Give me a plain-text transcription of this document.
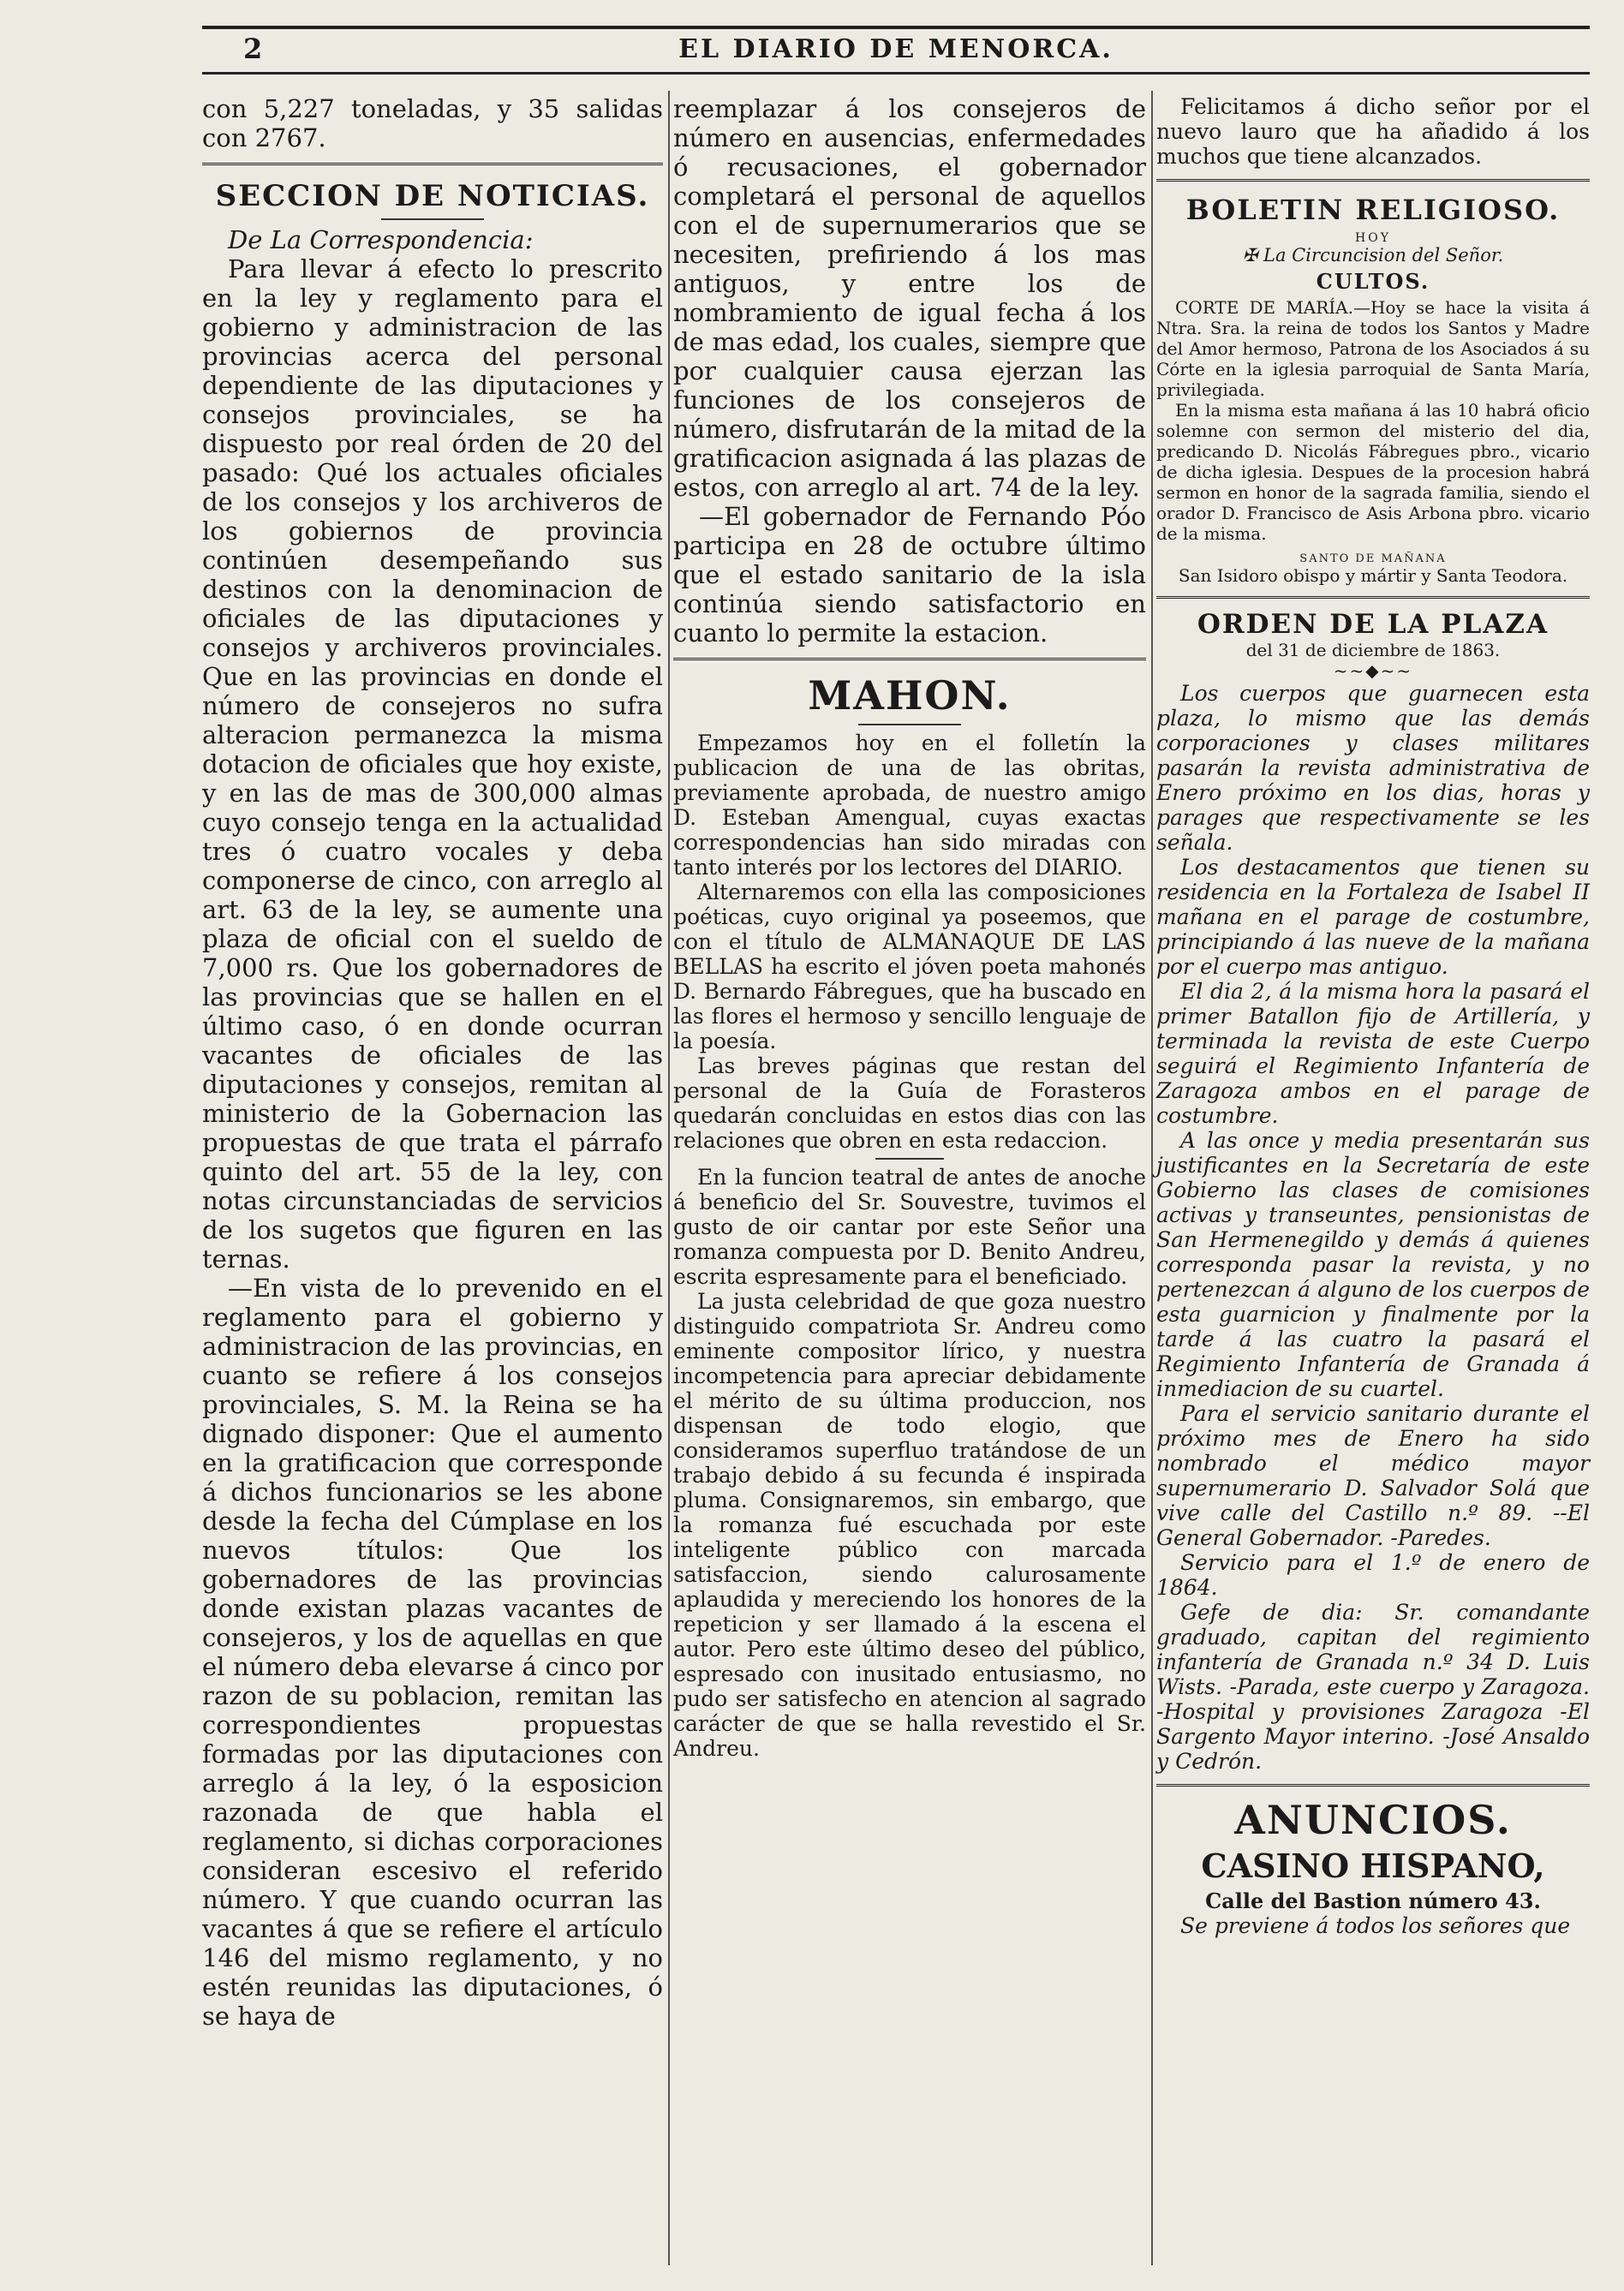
2	EL DIARIO DE MENORCA.

con 5,227 toneladas, y 35 salidas con 2767.

SECCION DE NOTICIAS.

De La Correspondencia:

Para llevar á efecto lo prescrito en la ley y reglamento para el gobierno y administracion de las provincias acerca del personal dependiente de las diputaciones y consejos provinciales, se ha dispuesto por real órden de 20 del pasado: Qué los actuales oficiales de los consejos y los archiveros de los gobiernos de provincia continúen desempeñando sus destinos con la denominacion de oficiales de las diputaciones y consejos y archiveros provinciales. Que en las provincias en donde el número de consejeros no sufra alteracion permanezca la misma dotacion de oficiales que hoy existe, y en las de mas de 300,000 almas cuyo consejo tenga en la actualidad tres ó cuatro vocales y deba componerse de cinco, con arreglo al art. 63 de la ley, se aumente una plaza de oficial con el sueldo de 7,000 rs. Que los gobernadores de las provincias que se hallen en el último caso, ó en donde ocurran vacantes de oficiales de las diputaciones y consejos, remitan al ministerio de la Gobernacion las propuestas de que trata el párrafo quinto del art. 55 de la ley, con notas circunstanciadas de servicios de los sugetos que figuren en las ternas.

—En vista de lo prevenido en el reglamento para el gobierno y administracion de las provincias, en cuanto se refiere á los consejos provinciales, S. M. la Reina se ha dignado disponer: Que el aumento en la gratificacion que corresponde á dichos funcionarios se les abone desde la fecha del Cúmplase en los nuevos títulos: Que los gobernadores de las provincias donde existan plazas vacantes de consejeros, y los de aquellas en que el número deba elevarse á cinco por razon de su poblacion, remitan las correspondientes propuestas formadas por las diputaciones con arreglo á la ley, ó la esposicion razonada de que habla el reglamento, si dichas corporaciones consideran escesivo el referido número. Y que cuando ocurran las vacantes á que se refiere el artículo 146 del mismo reglamento, y no estén reunidas las diputaciones, ó se haya de

reemplazar á los consejeros de número en ausencias, enfermedades ó recusaciones, el gobernador completará el personal de aquellos con el de supernumerarios que se necesiten, prefiriendo á los mas antiguos, y entre los de nombramiento de igual fecha á los de mas edad, los cuales, siempre que por cualquier causa ejerzan las funciones de los consejeros de número, disfrutarán de la mitad de la gratificacion asignada á las plazas de estos, con arreglo al art. 74 de la ley.

—El gobernador de Fernando Póo participa en 28 de octubre último que el estado sanitario de la isla continúa siendo satisfactorio en cuanto lo permite la estacion.

MAHON.

Empezamos hoy en el folletín la publicacion de una de las obritas, previamente aprobada, de nuestro amigo D. Esteban Amengual, cuyas exactas correspondencias han sido miradas con tanto interés por los lectores del DIARIO.

Alternaremos con ella las composiciones poéticas, cuyo original ya poseemos, que con el título de ALMANAQUE DE LAS BELLAS ha escrito el jóven poeta mahonés D. Bernardo Fábregues, que ha buscado en las flores el hermoso y sencillo lenguaje de la poesía.

Las breves páginas que restan del personal de la Guía de Forasteros quedarán concluidas en estos dias con las relaciones que obren en esta redaccion.

En la funcion teatral de antes de anoche á beneficio del Sr. Souvestre, tuvimos el gusto de oir cantar por este Señor una romanza compuesta por D. Benito Andreu, escrita espresamente para el beneficiado.

La justa celebridad de que goza nuestro distinguido compatriota Sr. Andreu como eminente compositor lírico, y nuestra incompetencia para apreciar debidamente el mérito de su última produccion, nos dispensan de todo elogio, que consideramos superfluo tratándose de un trabajo debido á su fecunda é inspirada pluma. Consignaremos, sin embargo, que la romanza fué escuchada por este inteligente público con marcada satisfaccion, siendo calurosamente aplaudida y mereciendo los honores de la repeticion y ser llamado á la escena el autor. Pero este último deseo del público, espresado con inusitado entusiasmo, no pudo ser satisfecho en atencion al sagrado carácter de que se halla revestido el Sr. Andreu.

Felicitamos á dicho señor por el nuevo lauro que ha añadido á los muchos que tiene alcanzados.

BOLETIN RELIGIOSO.
HOY
✠ La Circuncision del Señor.
CULTOS.

CORTE DE MARÍA.—Hoy se hace la visita á Ntra. Sra. la reina de todos los Santos y Madre del Amor hermoso, Patrona de los Asociados á su Córte en la iglesia parroquial de Santa María, privilegiada.

En la misma esta mañana á las 10 habrá oficio solemne con sermon del misterio del dia, predicando D. Nicolás Fábregues pbro., vicario de dicha iglesia. Despues de la procesion habrá sermon en honor de la sagrada familia, siendo el orador D. Francisco de Asis Arbona pbro. vicario de la misma.

SANTO DE MAÑANA
San Isidoro obispo y mártir y Santa Teodora.
ORDEN DE LA PLAZA
del 31 de diciembre de 1863.
~~◆~~

Los cuerpos que guarnecen esta plaza, lo mismo que las demás corporaciones y clases militares pasarán la revista administrativa de Enero próximo en los dias, horas y parages que respectivamente se les señala.

Los destacamentos que tienen su residencia en la Fortaleza de Isabel II mañana en el parage de costumbre, principiando á las nueve de la mañana por el cuerpo mas antiguo.

El dia 2, á la misma hora la pasará el primer Batallon fijo de Artillería, y terminada la revista de este Cuerpo seguirá el Regimiento Infantería de Zaragoza ambos en el parage de costumbre.

A las once y media presentarán sus justificantes en la Secretaría de este Gobierno las clases de comisiones activas y transeuntes, pensionistas de San Hermenegildo y demás á quienes corresponda pasar la revista, y no pertenezcan á alguno de los cuerpos de esta guarnicion y finalmente por la tarde á las cuatro la pasará el Regimiento Infantería de Granada á inmediacion de su cuartel.

Para el servicio sanitario durante el próximo mes de Enero ha sido nombrado el médico mayor supernumerario D. Salvador Solá que vive calle del Castillo n.º 89. --El General Gobernador. -Paredes.

Servicio para el 1.º de enero de 1864.

Gefe de dia: Sr. comandante graduado, capitan del regimiento infantería de Granada n.º 34 D. Luis Wists. -Parada, este cuerpo y Zaragoza. -Hospital y provisiones Zaragoza -El Sargento Mayor interino. -José Ansaldo y Cedrón.

ANUNCIOS.
CASINO HISPANO,
Calle del Bastion número 43.

Se previene á todos los señores que
